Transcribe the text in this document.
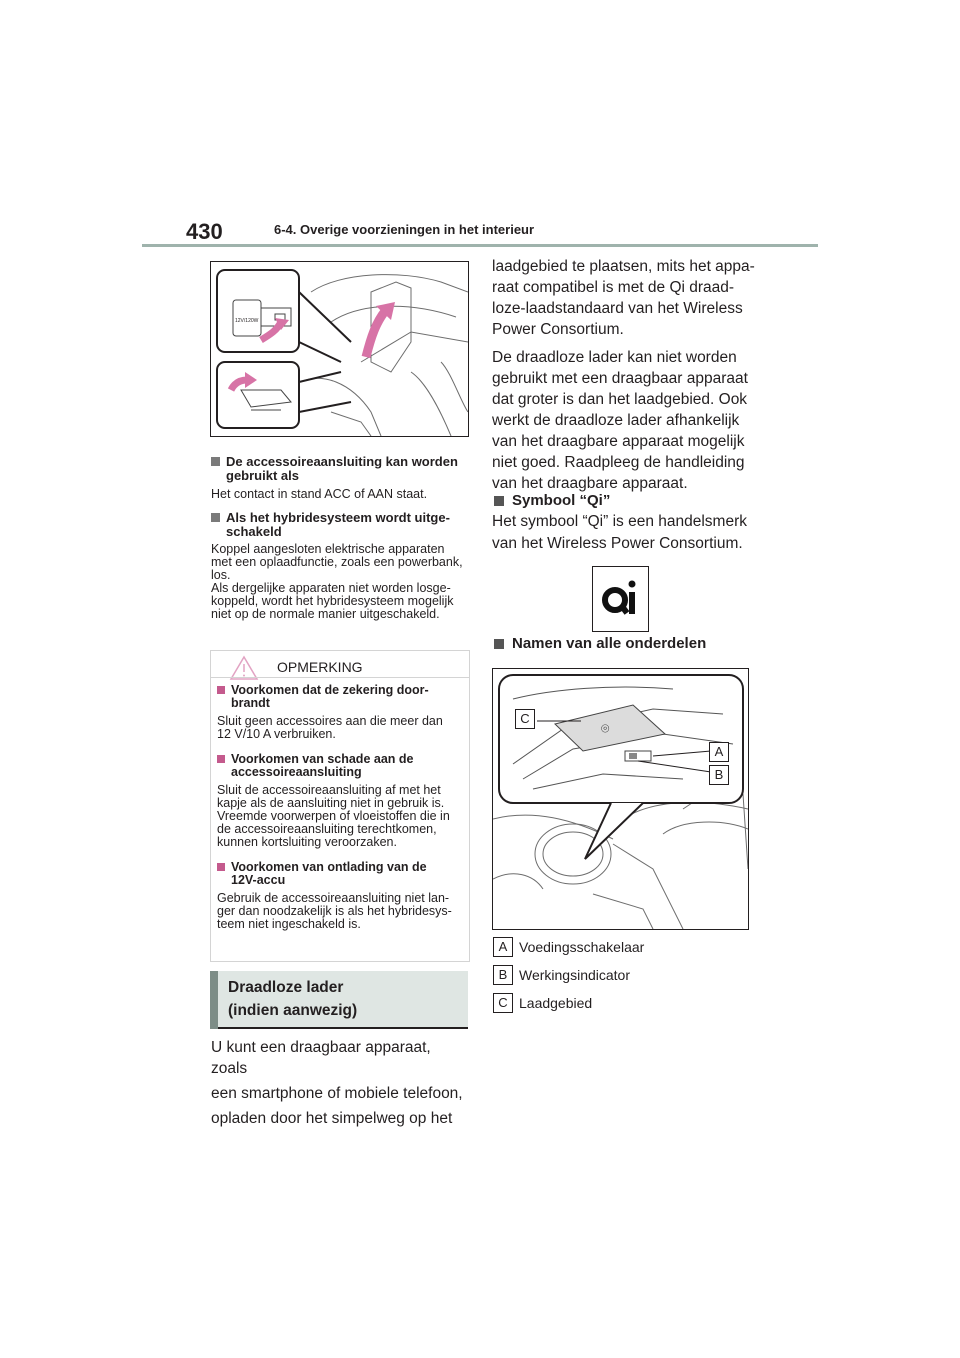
430	6-4. Overige voorzieningen in het interieur
12V/120W
De accessoireaansluiting kan worden
gebruikt als
Het contact in stand ACC of AAN staat.
Als het hybridesysteem wordt uitge-
schakeld
Koppel aangesloten elektrische apparaten
met een oplaadfunctie, zoals een powerbank,
los.
Als dergelijke apparaten niet worden losge-
koppeld, wordt het hybridesysteem mogelijk
niet op de normale manier uitgeschakeld.
OPMERKING
Voorkomen dat de zekering door-
brandt
Sluit geen accessoires aan die meer dan
12 V/10 A verbruiken.
Voorkomen van schade aan de
accessoireaansluiting
Sluit de accessoireaansluiting af met het
kapje als de aansluiting niet in gebruik is.
Vreemde voorwerpen of vloeistoffen die in
de accessoireaansluiting terechtkomen,
kunnen kortsluiting veroorzaken.
Voorkomen van ontlading van de
12V-accu
Gebruik de accessoireaansluiting niet lan-
ger dan noodzakelijk is als het hybridesys-
teem niet ingeschakeld is.
Draadloze lader
(indien aanwezig)
U kunt een draagbaar apparaat, zoals
een smartphone of mobiele telefoon,
opladen door het simpelweg op het
laadgebied te plaatsen, mits het appa-
raat compatibel is met de Qi draad-
loze-laadstandaard van het Wireless
Power Consortium.
De draadloze lader kan niet worden
gebruikt met een draagbaar apparaat
dat groter is dan het laadgebied. Ook
werkt de draadloze lader afhankelijk
van het draagbare apparaat mogelijk
niet goed. Raadpleeg de handleiding
van het draagbare apparaat.
Symbool “Qi”
Het symbool “Qi” is een handelsmerk
van het Wireless Power Consortium.
Namen van alle onderdelen
⌾
C
A
B
A Voedingsschakelaar
B Werkingsindicator
C Laadgebied
